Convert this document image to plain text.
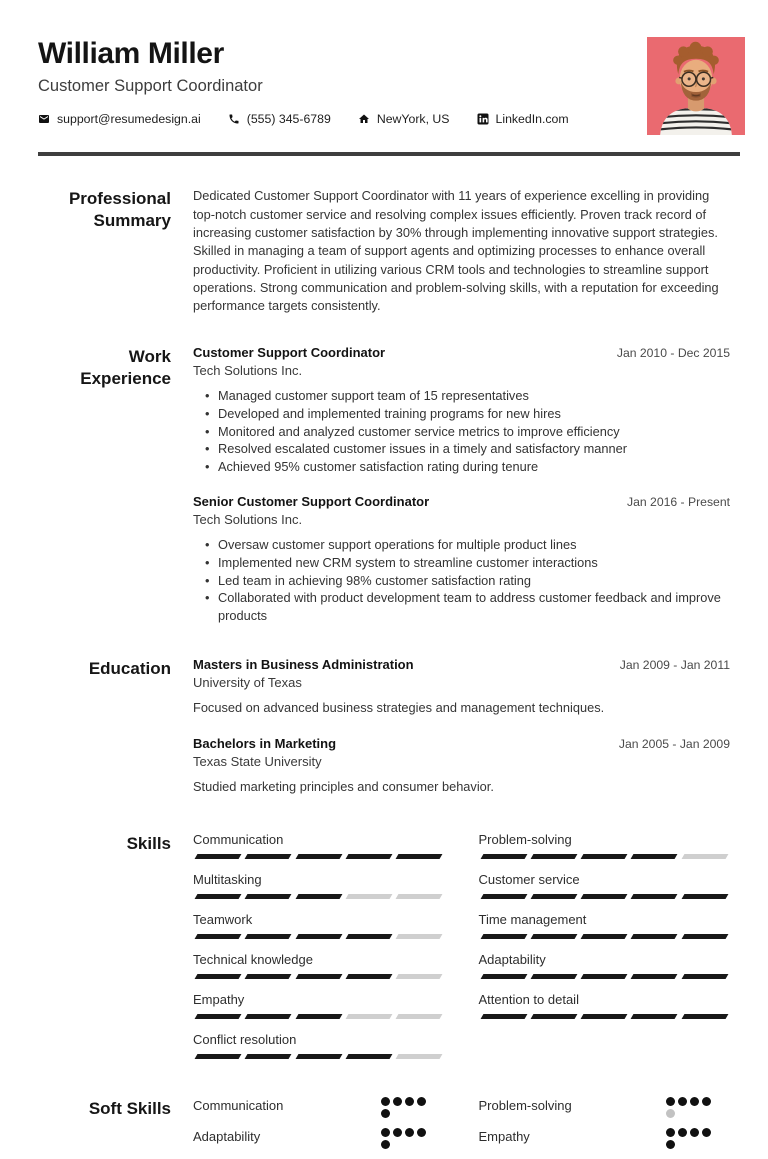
William Miller
Customer Support Coordinator
support@resumedesign.ai	(555) 345-6789	NewYork, US	LinkedIn.com
Professional Summary

Dedicated Customer Support Coordinator with 11 years of experience excelling in providing top-notch customer service and resolving complex issues efficiently. Proven track record of increasing customer satisfaction by 30% through implementing innovative support strategies. Skilled in managing a team of support agents and optimizing processes to enhance overall productivity. Proficient in utilizing various CRM tools and technologies to streamline support operations. Strong communication and problem-solving skills, with a reputation for exceeding performance targets consistently.

Work Experience
Customer Support Coordinator	Jan 2010 - Dec 2015
Tech Solutions Inc.
• Managed customer support team of 15 representatives
• Developed and implemented training programs for new hires
• Monitored and analyzed customer service metrics to improve efficiency
• Resolved escalated customer issues in a timely and satisfactory manner
• Achieved 95% customer satisfaction rating during tenure
Senior Customer Support Coordinator	Jan 2016 - Present
Tech Solutions Inc.
• Oversaw customer support operations for multiple product lines
• Implemented new CRM system to streamline customer interactions
• Led team in achieving 98% customer satisfaction rating
• Collaborated with product development team to address customer feedback and improve products
Education Masters in Business Administration	Jan 2009 - Jan 2011
University of Texas
Focused on advanced business strategies and management techniques.
Bachelors in Marketing	Jan 2005 - Jan 2009
Texas State University
Studied marketing principles and consumer behavior.
Skills Communication
Multitasking
Teamwork
Technical knowledge
Empathy
Conflict resolution
Problem-solving
Customer service
Time management
Adaptability
Attention to detail
Soft Skills Communication
Adaptability
Problem-solving
Empathy
